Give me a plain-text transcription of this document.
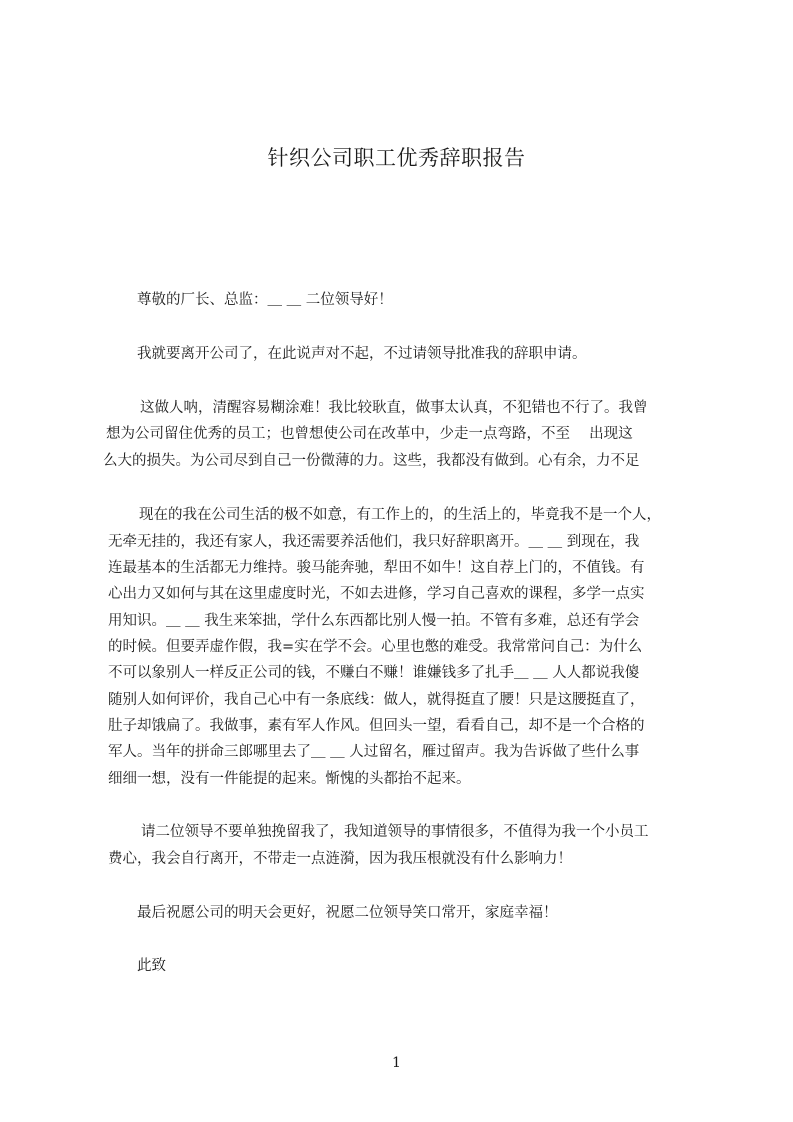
针织公司职工优秀辞职报告

尊敬的厂长、总监：＿ ＿ 二位领导好！

我就要离开公司了，在此说声对不起，不过请领导批准我的辞职申请。

这做人呐，清醒容易糊涂难！我比较耿直，做事太认真，不犯错也不行了。我曾

想为公司留住优秀的员工；也曾想使公司在改革中，少走一点弯路，不至　 出现这

么大的损失。为公司尽到自己一份微薄的力。这些，我都没有做到。心有余，力不足

现在的我在公司生活的极不如意，有工作上的，的生活上的，毕竟我不是一个人，

无牵无挂的，我还有家人，我还需要养活他们，我只好辞职离开。＿ ＿ 到现在，我

连最基本的生活都无力维持。骏马能奔驰，犁田不如牛！这自荐上门的，不值钱。有

心出力又如何与其在这里虚度时光，不如去进修，学习自己喜欢的课程，多学一点实

用知识。＿ ＿ 我生来笨拙，学什么东西都比别人慢一拍。不管有多难，总还有学会

的时候。但要弄虚作假，我=实在学不会。心里也憋的难受。我常常问自己：为什么

不可以象别人一样反正公司的钱，不赚白不赚！谁嫌钱多了扎手＿ ＿ 人人都说我傻

随别人如何评价，我自己心中有一条底线：做人，就得挺直了腰！只是这腰挺直了，

肚子却饿扁了。我做事，素有军人作风。但回头一望，看看自己，却不是一个合格的

军人。当年的拼命三郎哪里去了＿ ＿ 人过留名，雁过留声。我为告诉做了些什么事

细细一想，没有一件能提的起来。惭愧的头都抬不起来。

请二位领导不要单独挽留我了，我知道领导的事情很多，不值得为我一个小员工

费心，我会自行离开，不带走一点涟漪，因为我压根就没有什么影响力！

最后祝愿公司的明天会更好，祝愿二位领导笑口常开，家庭幸福！

此致

1
